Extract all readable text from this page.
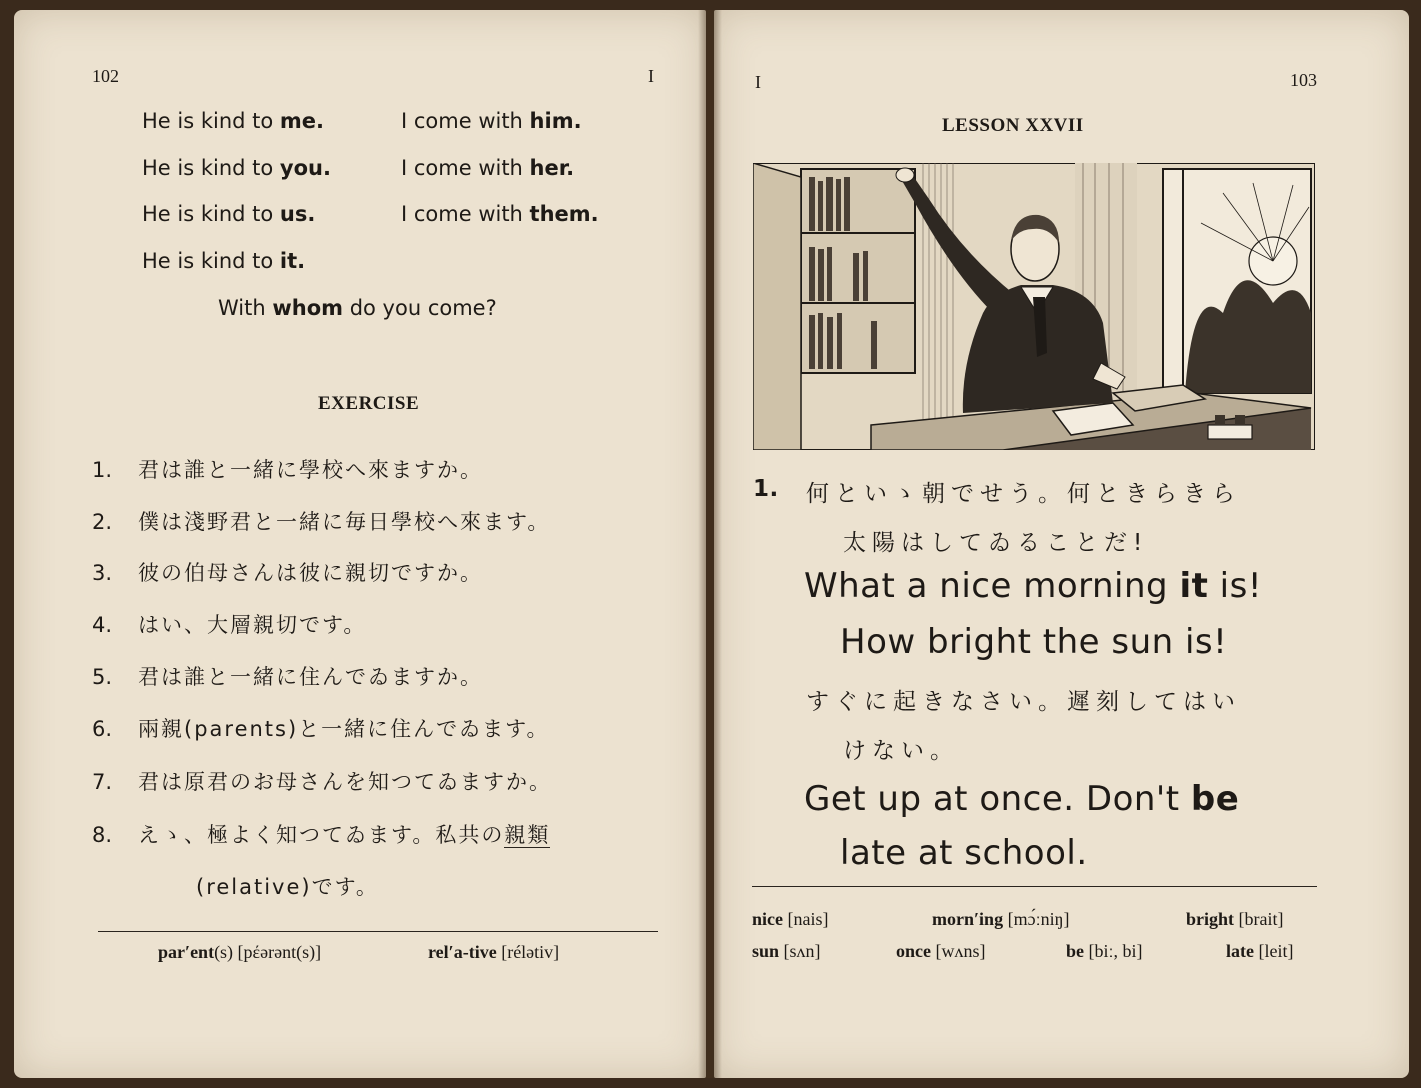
102	I
He is kind to me.	I come with him.
He is kind to you.	I come with her.
He is kind to us.	I come with them.
He is kind to it.
With whom do you come?
EXERCISE
1. 君は誰と一緒に學校へ來ますか。
2. 僕は淺野君と一緒に毎日學校へ來ます。
3. 彼の伯母さんは彼に親切ですか。
4. はい、大層親切です。
5. 君は誰と一緒に住んでゐますか。
6. 兩親(parents)と一緒に住んでゐます。
7. 君は原君のお母さんを知つてゐますか。
8. えゝ、極よく知つてゐます。私共の親類
(relative)です。
par′ent(s) [pέərənt(s)]	rel′a-tive [rélətiv]
I	103
LESSON XXVII
1. 何といゝ朝でせう。何ときらきら
太陽はしてゐることだ!
What a nice morning it is!
How bright the sun is!
すぐに起きなさい。遲刻してはい
けない。
Get up at once. Don't be
late at school.
nice [nais]	morn′ing [mɔ́ːniŋ]	bright [brait]
sun [sʌn]	once [wʌns]	be [biː, bi]	late [leit]
